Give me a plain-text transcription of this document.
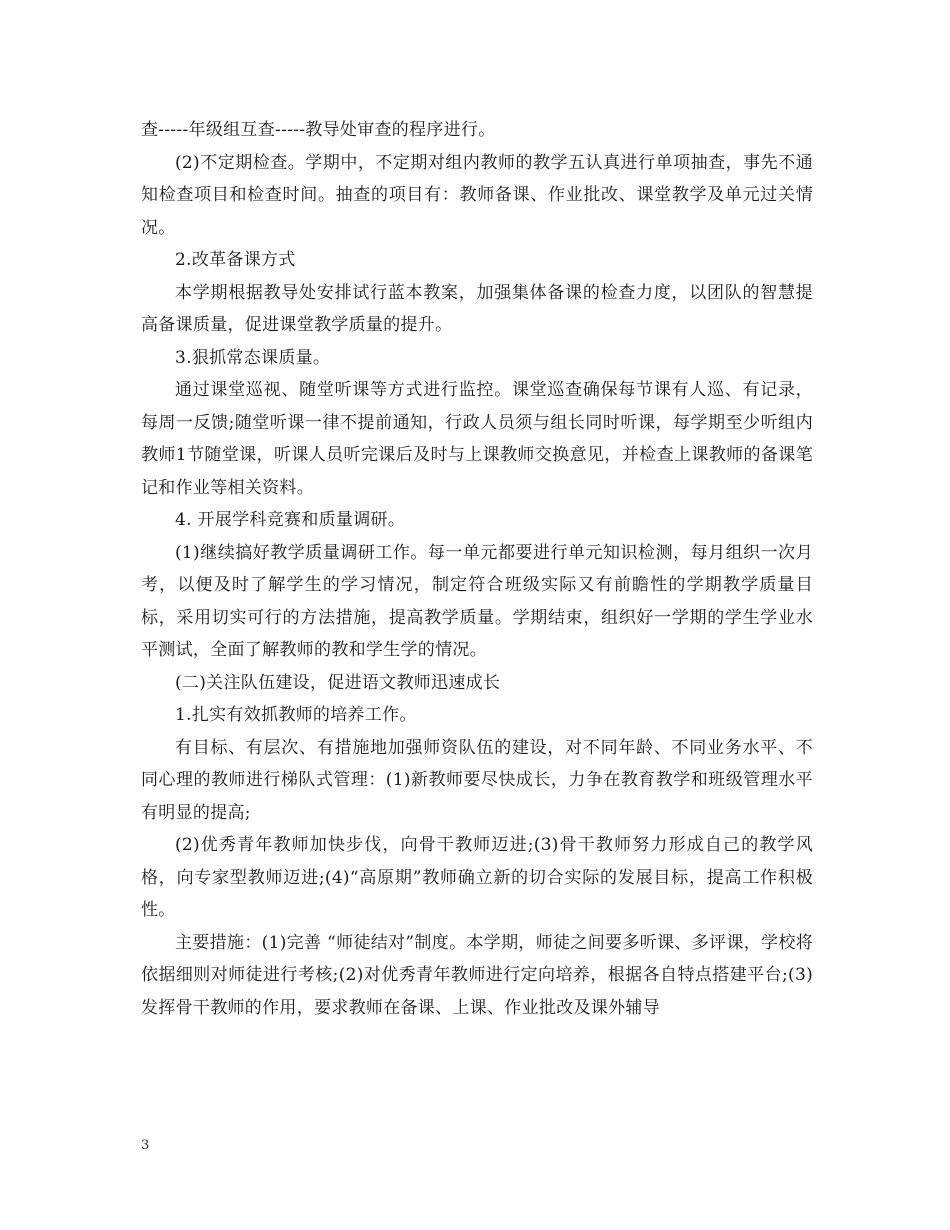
查-----年级组互查-----教导处审查的程序进行。

(2)不定期检查。学期中，不定期对组内教师的教学五认真进行单项抽查，事先不通知检查项目和检查时间。抽查的项目有：教师备课、作业批改、课堂教学及单元过关情况。

2.改革备课方式

本学期根据教导处安排试行蓝本教案，加强集体备课的检查力度，以团队的智慧提高备课质量，促进课堂教学质量的提升。

3.狠抓常态课质量。

通过课堂巡视、随堂听课等方式进行监控。课堂巡查确保每节课有人巡、有记录，每周一反馈;随堂听课一律不提前通知，行政人员须与组长同时听课，每学期至少听组内教师1节随堂课，听课人员听完课后及时与上课教师交换意见，并检查上课教师的备课笔记和作业等相关资料。

4. 开展学科竞赛和质量调研。

(1)继续搞好教学质量调研工作。每一单元都要进行单元知识检测，每月组织一次月考，以便及时了解学生的学习情况，制定符合班级实际又有前瞻性的学期教学质量目标，采用切实可行的方法措施，提高教学质量。学期结束，组织好一学期的学生学业水平测试，全面了解教师的教和学生学的情况。

(二)关注队伍建设，促进语文教师迅速成长

1.扎实有效抓教师的培养工作。

有目标、有层次、有措施地加强师资队伍的建设，对不同年龄、不同业务水平、不同心理的教师进行梯队式管理：(1)新教师要尽快成长，力争在教育教学和班级管理水平有明显的提高;

(2)优秀青年教师加快步伐，向骨干教师迈进;(3)骨干教师努力形成自己的教学风格，向专家型教师迈进;(4)“高原期”教师确立新的切合实际的发展目标，提高工作积极性。

主要措施：(1)完善 “师徒结对”制度。本学期，师徒之间要多听课、多评课，学校将依据细则对师徒进行考核;(2)对优秀青年教师进行定向培养，根据各自特点搭建平台;(3)发挥骨干教师的作用，要求教师在备课、上课、作业批改及课外辅导

3
